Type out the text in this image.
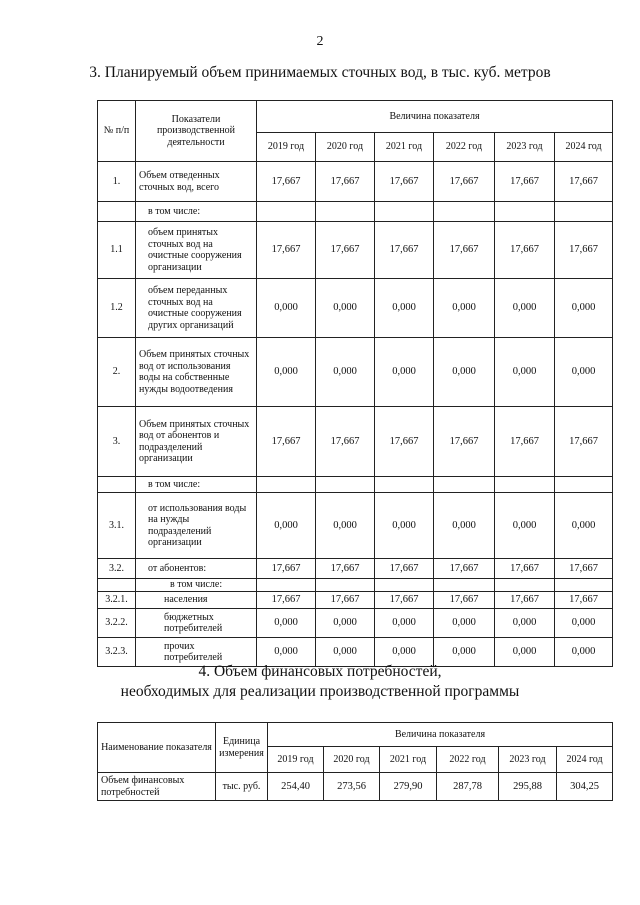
2
3. Планируемый объем принимаемых сточных вод, в тыс. куб. метров
№ п/п	Показатели производственной деятельности	Величина показателя					
		2019 год	2020 год	2021 год	2022 год	2023 год	2024 год
1.	Объем отведенных сточных вод, всего	17,667	17,667	17,667	17,667	17,667	17,667
	в том числе:						
1.1	объем принятых сточных вод на очистные сооружения организации	17,667	17,667	17,667	17,667	17,667	17,667
1.2	объем переданных сточных вод на очистные сооружения других организаций	0,000	0,000	0,000	0,000	0,000	0,000
2.	Объем принятых сточных вод от использования воды на собственные нужды водоотведения	0,000	0,000	0,000	0,000	0,000	0,000
3.	Объем принятых сточных вод от абонентов и подразделений организации	17,667	17,667	17,667	17,667	17,667	17,667
	в том числе:						
3.1.	от использования воды на нужды подразделений организации	0,000	0,000	0,000	0,000	0,000	0,000
3.2.	от абонентов:	17,667	17,667	17,667	17,667	17,667	17,667
	в том числе:						
3.2.1.	населения	17,667	17,667	17,667	17,667	17,667	17,667
3.2.2.	бюджетных потребителей	0,000	0,000	0,000	0,000	0,000	0,000
3.2.3.	прочих потребителей	0,000	0,000	0,000	0,000	0,000	0,000
4. Объем финансовых потребностей,
необходимых для реализации производственной программы
Наименование показателя	Единица измерения	Величина показателя					
		2019 год	2020 год	2021 год	2022 год	2023 год	2024 год
Объем финансовых потребностей	тыс. руб.	254,40	273,56	279,90	287,78	295,88	304,25
